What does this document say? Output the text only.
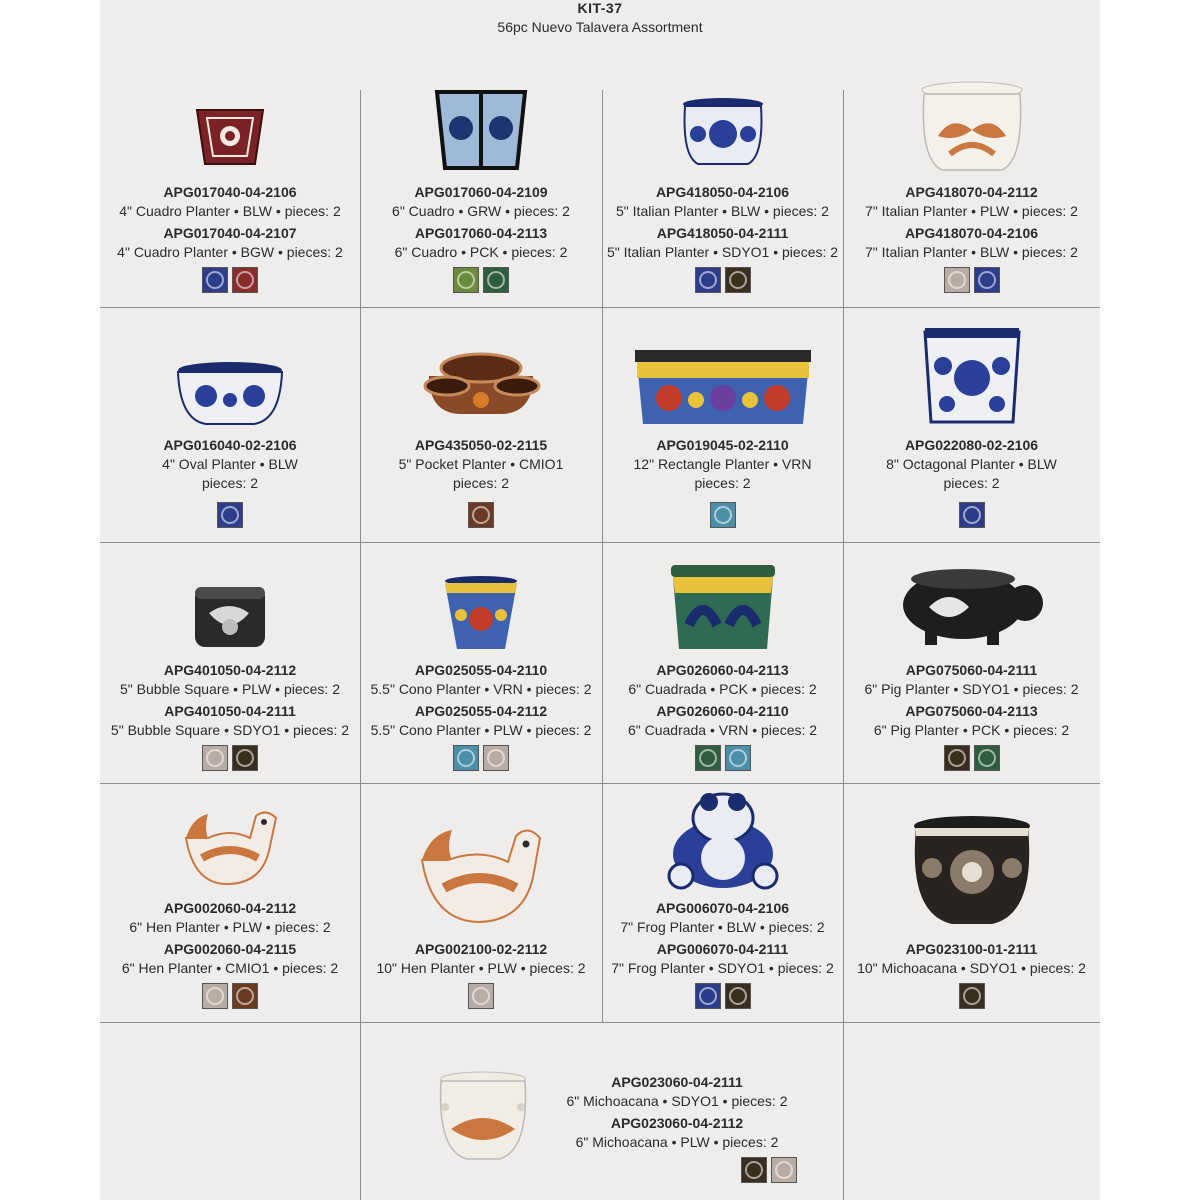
KIT-37
56pc Nuevo Talavera Assortment
APG017040-04-2106
4" Cuadro Planter • BLW • pieces: 2
APG017040-04-2107
4" Cuadro Planter • BGW • pieces: 2
APG017060-04-2109
6" Cuadro • GRW • pieces: 2
APG017060-04-2113
6" Cuadro • PCK • pieces: 2
APG418050-04-2106
5" Italian Planter • BLW • pieces: 2
APG418050-04-2111
5" Italian Planter • SDYO1 • pieces: 2
APG418070-04-2112
7" Italian Planter • PLW • pieces: 2
APG418070-04-2106
7" Italian Planter • BLW • pieces: 2
APG016040-02-2106
4" Oval Planter • BLW
pieces: 2
APG435050-02-2115
5" Pocket Planter • CMIO1
pieces: 2
APG019045-02-2110
12" Rectangle Planter • VRN
pieces: 2
APG022080-02-2106
8" Octagonal Planter • BLW
pieces: 2
APG401050-04-2112
5" Bubble Square • PLW • pieces: 2
APG401050-04-2111
5" Bubble Square • SDYO1 • pieces: 2
APG025055-04-2110
5.5" Cono Planter • VRN • pieces: 2
APG025055-04-2112
5.5" Cono Planter • PLW • pieces: 2
APG026060-04-2113
6" Cuadrada • PCK • pieces: 2
APG026060-04-2110
6" Cuadrada • VRN • pieces: 2
APG075060-04-2111
6" Pig Planter • SDYO1 • pieces: 2
APG075060-04-2113
6" Pig Planter • PCK • pieces: 2
APG002060-04-2112
6" Hen Planter • PLW • pieces: 2
APG002060-04-2115
6" Hen Planter • CMIO1 • pieces: 2
APG002100-02-2112
10" Hen Planter • PLW • pieces: 2
APG006070-04-2106
7" Frog Planter • BLW • pieces: 2
APG006070-04-2111
7" Frog Planter • SDYO1 • pieces: 2
APG023100-01-2111
10" Michoacana • SDYO1 • pieces: 2
APG023060-04-2111
6" Michoacana • SDYO1 • pieces: 2
APG023060-04-2112
6" Michoacana • PLW • pieces: 2
